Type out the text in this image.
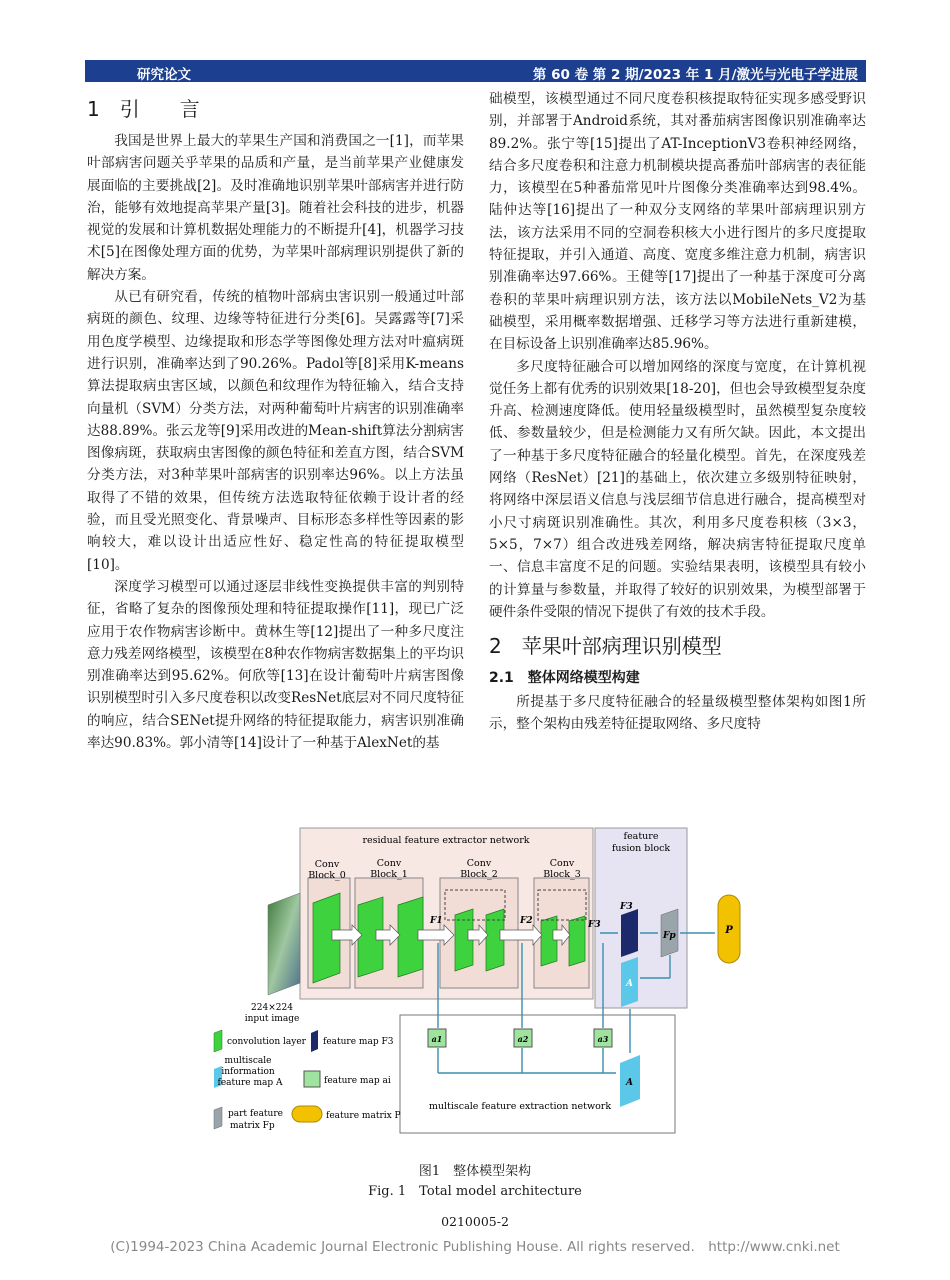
研究论文	第 60 卷 第 2 期/2023 年 1 月/激光与光电子学进展
1　引　　言

我国是世界上最大的苹果生产国和消费国之一[1]，而苹果叶部病害问题关乎苹果的品质和产量，是当前苹果产业健康发展面临的主要挑战[2]。及时准确地识别苹果叶部病害并进行防治，能够有效地提高苹果产量[3]。随着社会科技的进步，机器视觉的发展和计算机数据处理能力的不断提升[4]，机器学习技术[5]在图像处理方面的优势，为苹果叶部病理识别提供了新的解决方案。

从已有研究看，传统的植物叶部病虫害识别一般通过叶部病斑的颜色、纹理、边缘等特征进行分类[6]。吴露露等[7]采用色度学模型、边缘提取和形态学等图像处理方法对叶瘟病斑进行识别，准确率达到了90.26%。Padol等[8]采用K-means算法提取病虫害区域，以颜色和纹理作为特征输入，结合支持向量机（SVM）分类方法，对两种葡萄叶片病害的识别准确率达88.89%。张云龙等[9]采用改进的Mean-shift算法分割病害图像病斑，获取病虫害图像的颜色特征和差直方图，结合SVM分类方法，对3种苹果叶部病害的识别率达96%。以上方法虽取得了不错的效果，但传统方法选取特征依赖于设计者的经验，而且受光照变化、背景噪声、目标形态多样性等因素的影响较大，难以设计出适应性好、稳定性高的特征提取模型[10]。

深度学习模型可以通过逐层非线性变换提供丰富的判别特征，省略了复杂的图像预处理和特征提取操作[11]，现已广泛应用于农作物病害诊断中。黄林生等[12]提出了一种多尺度注意力残差网络模型，该模型在8种农作物病害数据集上的平均识别准确率达到95.62%。何欣等[13]在设计葡萄叶片病害图像识别模型时引入多尺度卷积以改变ResNet底层对不同尺度特征的响应，结合SENet提升网络的特征提取能力，病害识别准确率达90.83%。郭小清等[14]设计了一种基于AlexNet的基

础模型，该模型通过不同尺度卷积核提取特征实现多感受野识别，并部署于Android系统，其对番茄病害图像识别准确率达89.2%。张宁等[15]提出了AT-InceptionV3卷积神经网络，结合多尺度卷积和注意力机制模块提高番茄叶部病害的表征能力，该模型在5种番茄常见叶片图像分类准确率达到98.4%。陆仲达等[16]提出了一种双分支网络的苹果叶部病理识别方法，该方法采用不同的空洞卷积核大小进行图片的多尺度提取特征提取，并引入通道、高度、宽度多维注意力机制，病害识别准确率达97.66%。王健等[17]提出了一种基于深度可分离卷积的苹果叶病理识别方法，该方法以MobileNets_V2为基础模型，采用概率数据增强、迁移学习等方法进行重新建模，在目标设备上识别准确率达85.96%。

多尺度特征融合可以增加网络的深度与宽度，在计算机视觉任务上都有优秀的识别效果[18-20]，但也会导致模型复杂度升高、检测速度降低。使用轻量级模型时，虽然模型复杂度较低、参数量较少，但是检测能力又有所欠缺。因此，本文提出了一种基于多尺度特征融合的轻量化模型。首先，在深度残差网络（ResNet）[21]的基础上，依次建立多级别特征映射，将网络中深层语义信息与浅层细节信息进行融合，提高模型对小尺寸病斑识别准确性。其次，利用多尺度卷积核（3×3，5×5，7×7）组合改进残差网络，解决病害特征提取尺度单一、信息丰富度不足的问题。实验结果表明，该模型具有较小的计算量与参数量，并取得了较好的识别效果，为模型部署于硬件条件受限的情况下提供了有效的技术手段。

2　苹果叶部病理识别模型
2.1　整体网络模型构建

所提基于多尺度特征融合的轻量级模型整体架构如图1所示，整个架构由残差特征提取网络、多尺度特

residual feature extractor network	feature
fusion block
Conv
Block_0
Conv
Block_1
Conv
Block_2
Conv
Block_3
224×224
input image
F1	F2	F3
F3
A
Fp	P
a1	a2	a3
A
multiscale feature extraction network
convolution layer feature map F3
multiscale
information
feature map A	feature map ai
part feature
matrix Fp
feature matrix P
图1　整体模型架构
Fig. 1　Total model architecture
0210005-2
(C)1994-2023 China Academic Journal Electronic Publishing House. All rights reserved.　http://www.cnki.net
